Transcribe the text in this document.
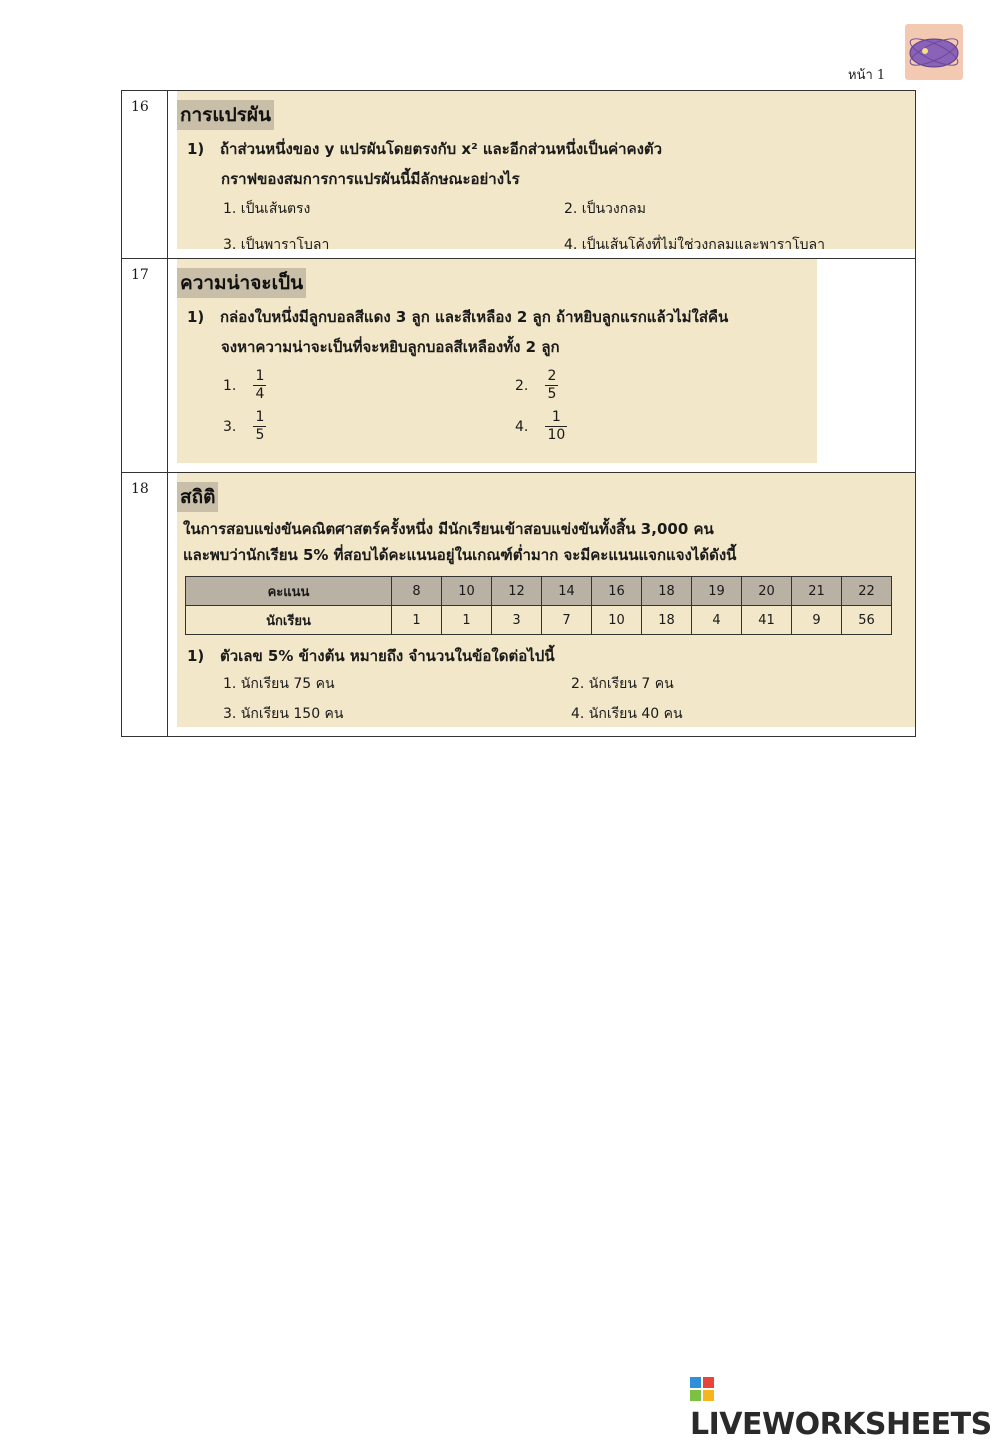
หน้า 1
16	การแปรผัน
1) ถ้าส่วนหนึ่งของ y แปรผันโดยตรงกับ x² และอีกส่วนหนึ่งเป็นค่าคงตัว
กราฟของสมการการแปรผันนี้มีลักษณะอย่างไร
1. เป็นเส้นตรง	2. เป็นวงกลม
3. เป็นพาราโบลา	4. เป็นเส้นโค้งที่ไม่ใช่วงกลมและพาราโบลา

17	ความน่าจะเป็น
1) กล่องใบหนึ่งมีลูกบอลสีแดง 3 ลูก และสีเหลือง 2 ลูก ถ้าหยิบลูกแรกแล้วไม่ใส่คืน
จงหาความน่าจะเป็นที่จะหยิบลูกบอลสีเหลืองทั้ง 2 ลูก
1. $\frac{1}{4}$	2. $\frac{2}{5}$
3. $\frac{1}{5}$	4. $\frac{1}{10}$

18	สถิติ
ในการสอบแข่งขันคณิตศาสตร์ครั้งหนึ่ง มีนักเรียนเข้าสอบแข่งขันทั้งสิ้น 3,000 คน
และพบว่านักเรียน 5% ที่สอบได้คะแนนอยู่ในเกณฑ์ต่ำมาก จะมีคะแนนแจกแจงได้ดังนี้
คะแนน	8	10	12	14	16	18	19	20	21	22
นักเรียน	1	1	3	7	10	18	4	41	9	56
1) ตัวเลข 5% ข้างต้น หมายถึง จำนวนในข้อใดต่อไปนี้
1. นักเรียน 75 คน	2. นักเรียน 7 คน
3. นักเรียน 150 คน	4. นักเรียน 40 คน
LIVEWORKSHEETS
